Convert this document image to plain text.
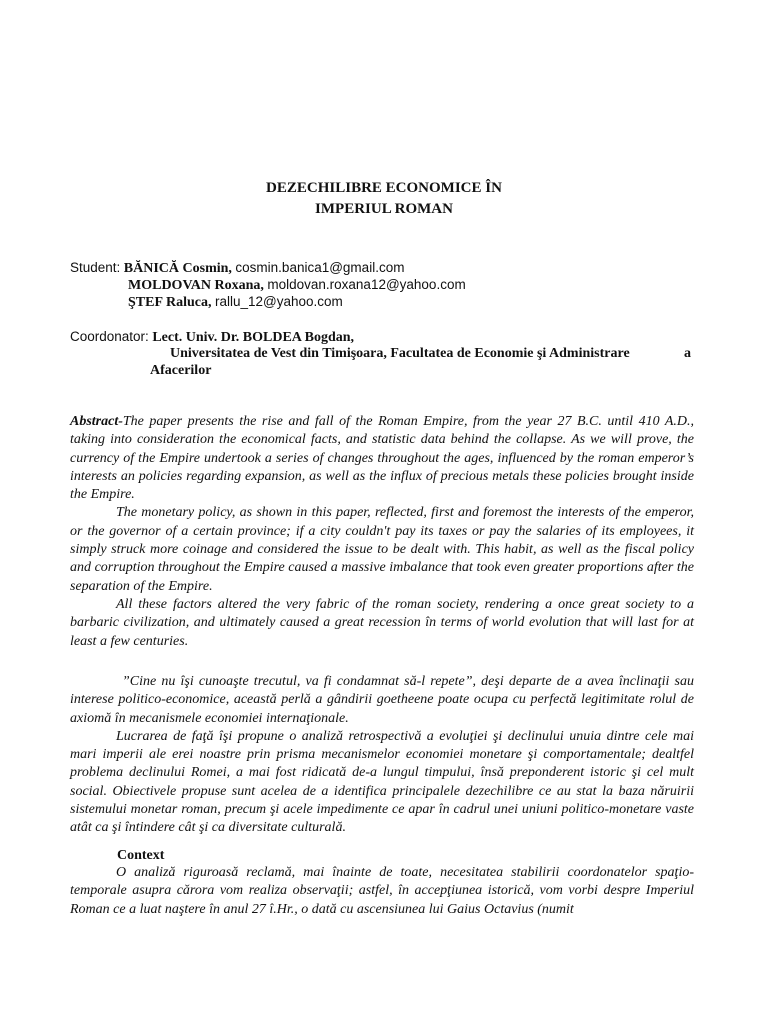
DEZECHILIBRE ECONOMICE ÎN
IMPERIUL ROMAN
Student: BĂNICĂ Cosmin, cosmin.banica1@gmail.com
MOLDOVAN Roxana, moldovan.roxana12@yahoo.com
ŞTEF Raluca, rallu_12@yahoo.com
Coordonator: Lect. Univ. Dr. BOLDEA Bogdan,
Universitatea de Vest din Timişoara, Facultatea de Economie şi Administrare	a
Afacerilor

Abstract-The paper presents the rise and fall of the Roman Empire, from the year 27 B.C. until 410 A.D., taking into consideration the economical facts, and statistic data behind the collapse. As we will prove, the currency of the Empire undertook a series of changes throughout the ages, influenced by the roman emperor’s interests an policies regarding expansion, as well as the influx of precious metals these policies brought inside the Empire.

The monetary policy, as shown in this paper, reflected, first and foremost the interests of the emperor, or the governor of a certain province; if a city couldn't pay its taxes or pay the salaries of its employees, it simply struck more coinage and considered the issue to be dealt with. This habit, as well as the fiscal policy and corruption throughout the Empire caused a massive imbalance that took even greater proportions after the separation of the Empire.

All these factors altered the very fabric of the roman society, rendering a once great society to a barbaric civilization, and ultimately caused a great recession în terms of world evolution that will last for at least a few centuries.

”Cine nu îşi cunoaşte trecutul, va fi condamnat să-l repete”, deşi departe de a avea înclinaţii sau interese politico-economice, această perlă a gândirii goetheene poate ocupa cu perfectă legitimitate rolul de axiomă în mecanismele economiei internaţionale.

Lucrarea de faţă îşi propune o analiză retrospectivă a evoluţiei şi declinului unuia dintre cele mai mari imperii ale erei noastre prin prisma mecanismelor economiei monetare şi comportamentale; dealtfel problema declinului Romei, a mai fost ridicată de-a lungul timpului, însă preponderent istoric şi cel mult social. Obiectivele propuse sunt acelea de a identifica principalele dezechilibre ce au stat la baza năruirii sistemului monetar roman, precum şi acele impedimente ce apar în cadrul unei uniuni politico-monetare vaste atât ca şi întindere cât şi ca diversitate culturală.

Context

O analiză riguroasă reclamă, mai înainte de toate, necesitatea stabilirii coordonatelor spaţio-temporale asupra cărora vom realiza observaţii; astfel, în accepţiunea istorică, vom vorbi despre Imperiul Roman ce a luat naştere în anul 27 î.Hr., o dată cu ascensiunea lui Gaius Octavius (numit
